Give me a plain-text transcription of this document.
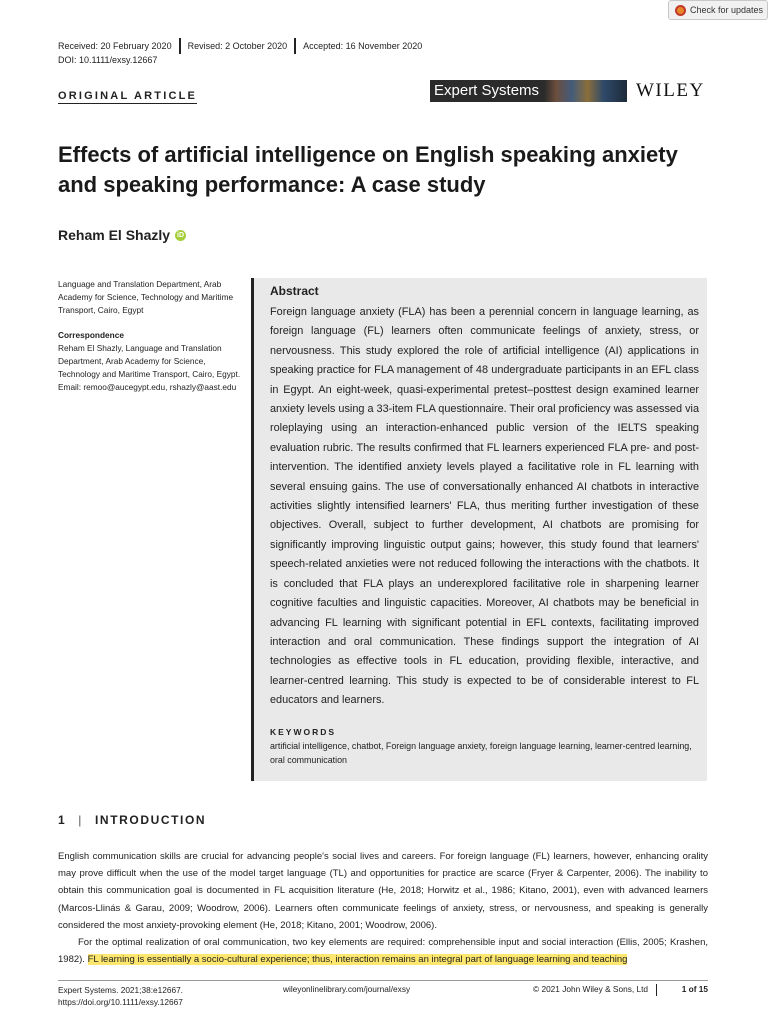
Check for updates
Received: 20 February 2020 Revised: 2 October 2020 Accepted: 16 November 2020
DOI: 10.1111/exsy.12667
ORIGINAL ARTICLE	Expert Systems	WILEY
Effects of artificial intelligence on English speaking anxiety and speaking performance: A case study
Reham El Shazly iD

Language and Translation Department, Arab Academy for Science, Technology and Maritime Transport, Cairo, Egypt

Correspondence

Reham El Shazly, Language and Translation Department, Arab Academy for Science, Technology and Maritime Transport, Cairo, Egypt.

Email: remoo@aucegypt.edu, rshazly@aast.edu

Abstract

Foreign language anxiety (FLA) has been a perennial concern in language learning, as foreign language (FL) learners often communicate feelings of anxiety, stress, or nervousness. This study explored the role of artificial intelligence (AI) applications in speaking practice for FLA management of 48 undergraduate participants in an EFL class in Egypt. An eight-week, quasi-experimental pretest–posttest design examined learner anxiety levels using a 33-item FLA questionnaire. Their oral proficiency was assessed via roleplaying using an interaction-enhanced public version of the IELTS speaking evaluation rubric. The results confirmed that FL learners experienced FLA pre- and post-intervention. The identified anxiety levels played a facilitative role in FL learning with several ensuing gains. The use of conversationally enhanced AI chatbots in interactive activities slightly intensified learners' FLA, thus meriting further investigation of these objectives. Overall, subject to further development, AI chatbots are promising for significantly improving linguistic output gains; however, this study found that learners' speech-related anxieties were not reduced following the interactions with the chatbots. It is concluded that FLA plays an underexplored facilitative role in sharpening learner cognitive faculties and linguistic capacities. Moreover, AI chatbots may be beneficial in advancing FL learning with significant potential in EFL contexts, facilitating improved interaction and oral communication. These findings support the integration of AI technologies as effective tools in FL education, providing flexible, interactive, and learner-centred learning. This study is expected to be of considerable interest to FL educators and learners.

KEYWORDS
artificial intelligence, chatbot, Foreign language anxiety, foreign language learning, learner-centred learning, oral communication
1 | INTRODUCTION

English communication skills are crucial for advancing people's social lives and careers. For foreign language (FL) learners, however, enhancing orality may prove difficult when the use of the model target language (TL) and opportunities for practice are scarce (Fryer & Carpenter, 2006). The inability to obtain this communication goal is documented in FL acquisition literature (He, 2018; Horwitz et al., 1986; Kitano, 2001), even with advanced learners (Marcos-Llinás & Garau, 2009; Woodrow, 2006). Learners often communicate feelings of anxiety, stress, or nervousness, and speaking is generally considered the most anxiety-provoking element (He, 2018; Kitano, 2001; Woodrow, 2006).

For the optimal realization of oral communication, two key elements are required: comprehensible input and social interaction (Ellis, 2005; Krashen, 1982). FL learning is essentially a socio-cultural experience; thus, interaction remains an integral part of language learning and teaching

Expert Systems. 2021;38:e12667.
https://doi.org/10.1111/exsy.12667
wileyonlinelibrary.com/journal/exsy	© 2021 John Wiley & Sons, Ltd	1 of 15
